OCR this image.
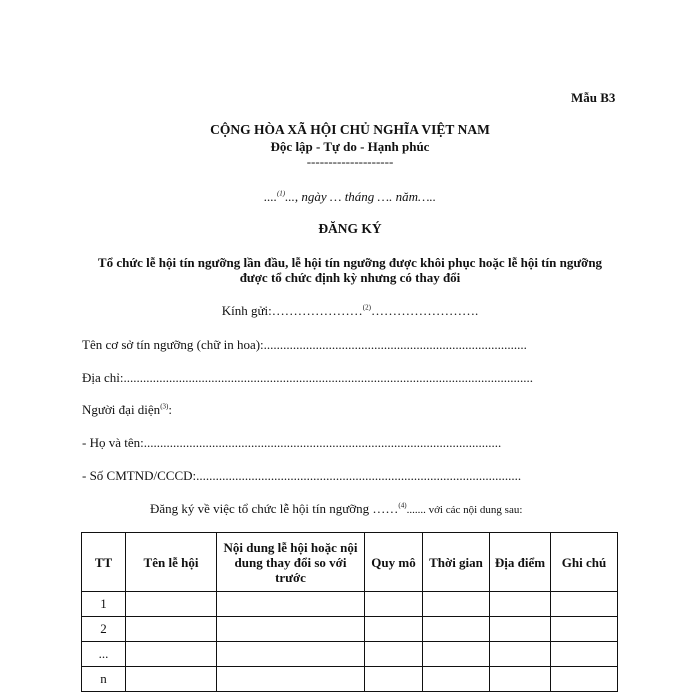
Mẫu B3
CỘNG HÒA XÃ HỘI CHỦ NGHĨA VIỆT NAM
Độc lập - Tự do - Hạnh phúc
--------------------
....$^{(1)}$..., ngày … tháng …. năm…..
ĐĂNG KÝ
Tổ chức lễ hội tín ngưỡng lần đầu, lễ hội tín ngưỡng được khôi phục hoặc lễ hội tín ngưỡng
được tổ chức định kỳ nhưng có thay đổi
Kính gửi:…………………$^{(2)}$…………………….
Tên cơ sở tín ngưỡng (chữ in hoa):.................................................................................
Địa chỉ:..............................................................................................................................
Người đại diện$^{(3)}$:
- Họ và tên:..............................................................................................................
- Số CMTND/CCCD:....................................................................................................
Đăng ký về việc tổ chức lễ hội tín ngưỡng ……$^{(4)}$....... với các nội dung sau:
TT	Tên lễ hội	Nội dung lễ hội hoặc nội dung thay đổi so với trước	Quy mô	Thời gian	Địa điểm	Ghi chú
1						
2						
...						
n						
